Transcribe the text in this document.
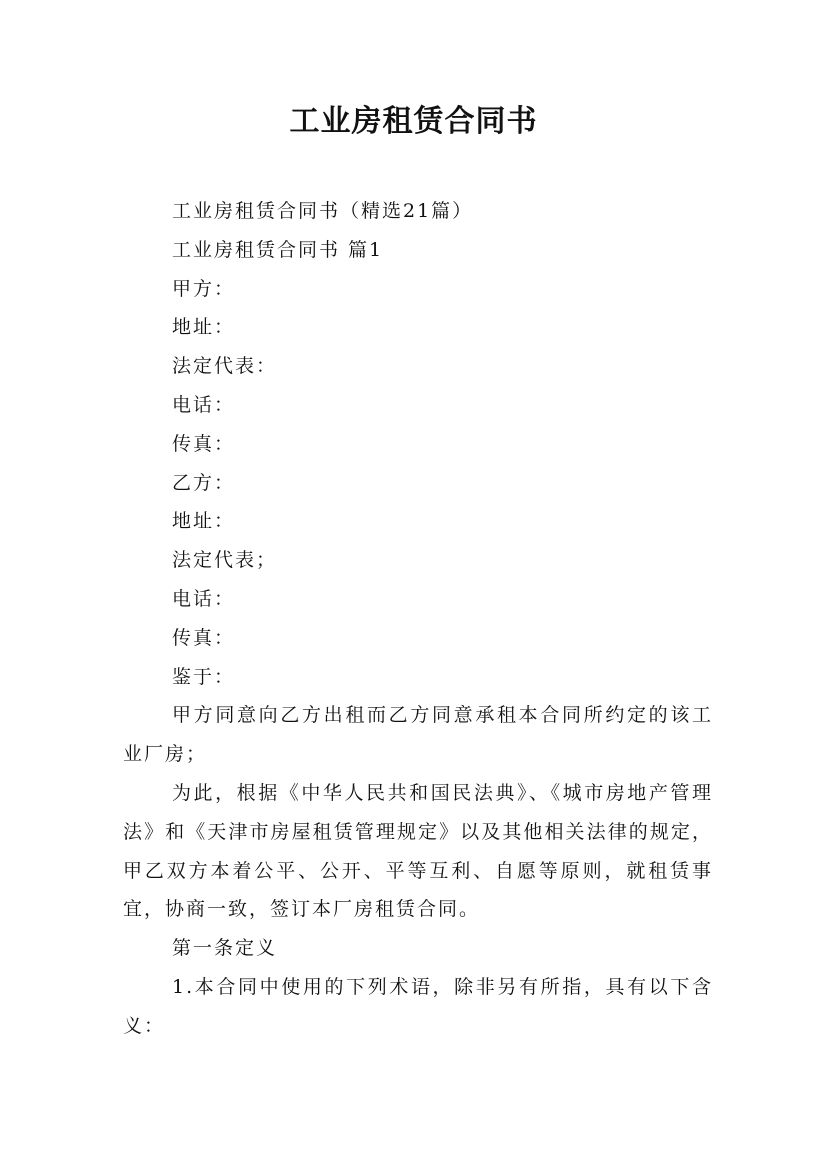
工业房租赁合同书

工业房租赁合同书（精选21篇）

工业房租赁合同书 篇1

甲方：

地址：

法定代表：

电话：

传真：

乙方：

地址：

法定代表；

电话：

传真：

鉴于：

甲方同意向乙方出租而乙方同意承租本合同所约定的该工业厂房；

为此，根据《中华人民共和国民法典》、《城市房地产管理法》和《天津市房屋租赁管理规定》以及其他相关法律的规定，甲乙双方本着公平、公开、平等互利、自愿等原则，就租赁事宜，协商一致，签订本厂房租赁合同。

第一条定义

1.本合同中使用的下列术语，除非另有所指，具有以下含义：
